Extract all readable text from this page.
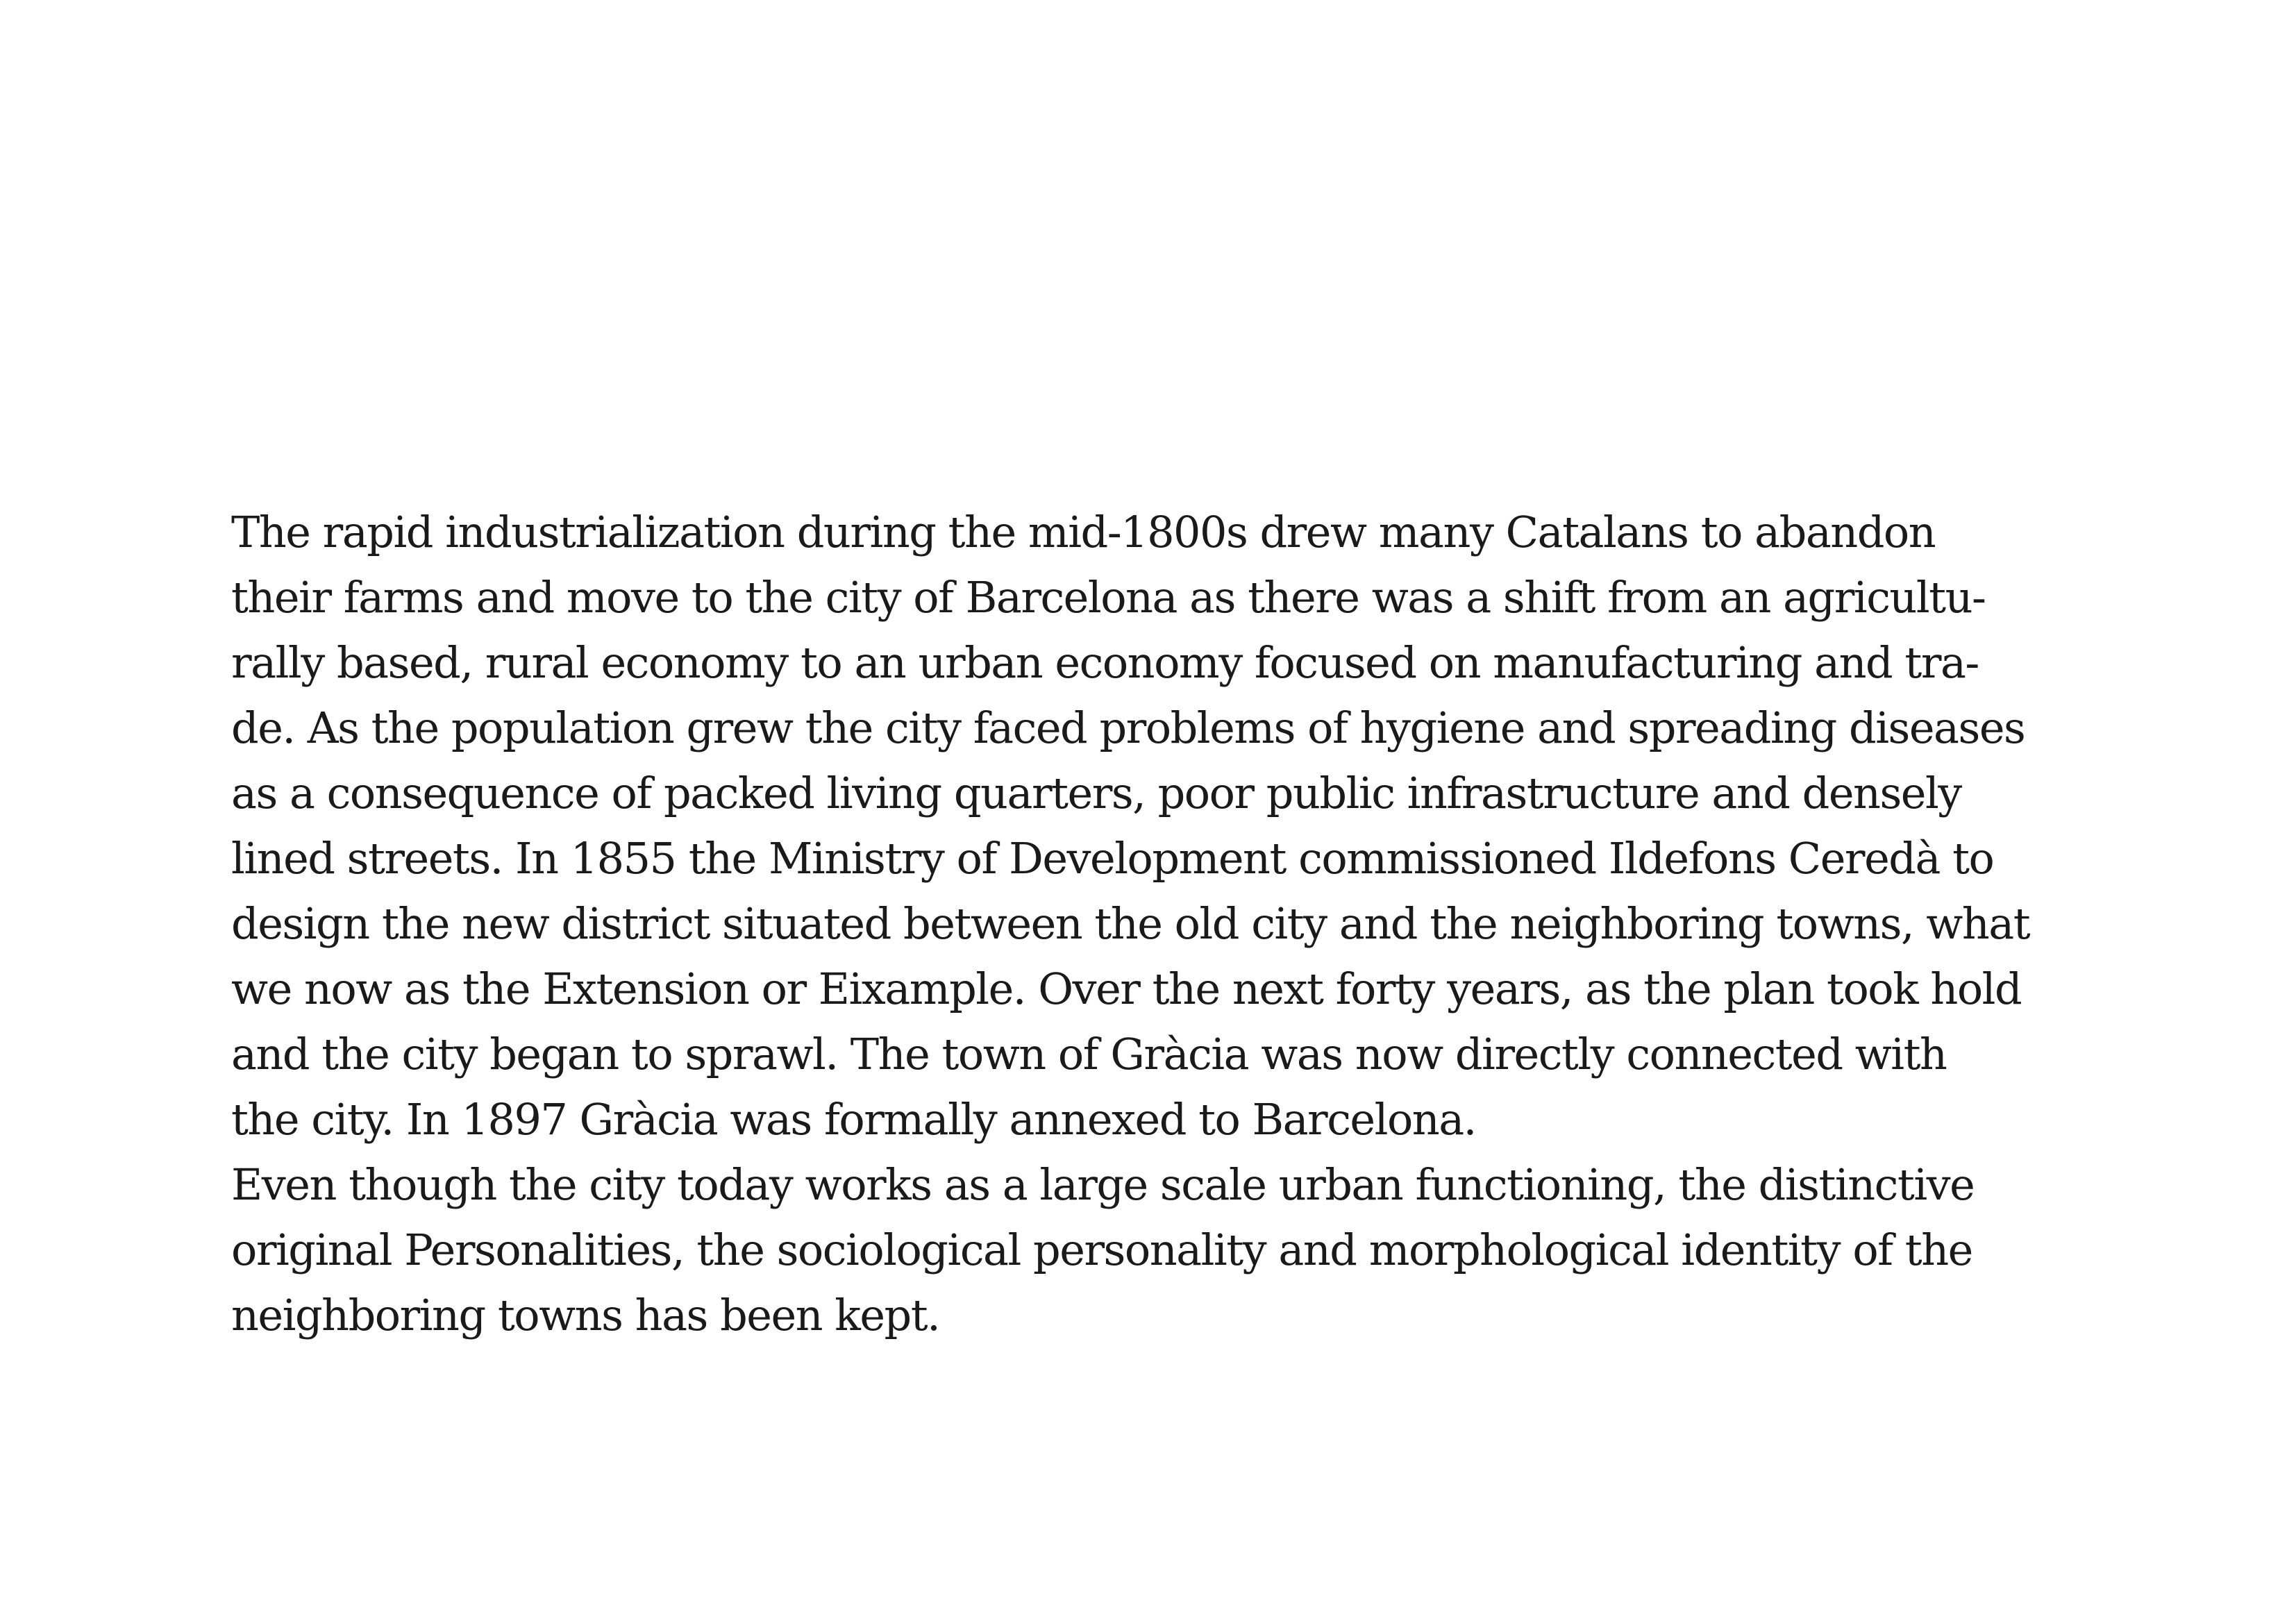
The rapid industrialization during the mid-1800s drew many Catalans to abandon
their farms and move to the city of Barcelona as there was a shift from an agricultu-
rally based, rural economy to an urban economy focused on manufacturing and tra-
de. As the population grew the city faced problems of hygiene and spreading diseases
as a consequence of packed living quarters, poor public infrastructure and densely
lined streets. In 1855 the Ministry of Development commissioned Ildefons Ceredà to
design the new district situated between the old city and the neighboring towns, what
we now as the Extension or Eixample. Over the next forty years, as the plan took hold
and the city began to sprawl. The town of Gràcia was now directly connected with
the city. In 1897 Gràcia was formally annexed to Barcelona.
Even though the city today works as a large scale urban functioning, the distinctive
original Personalities, the sociological personality and morphological identity of the
neighboring towns has been kept.
